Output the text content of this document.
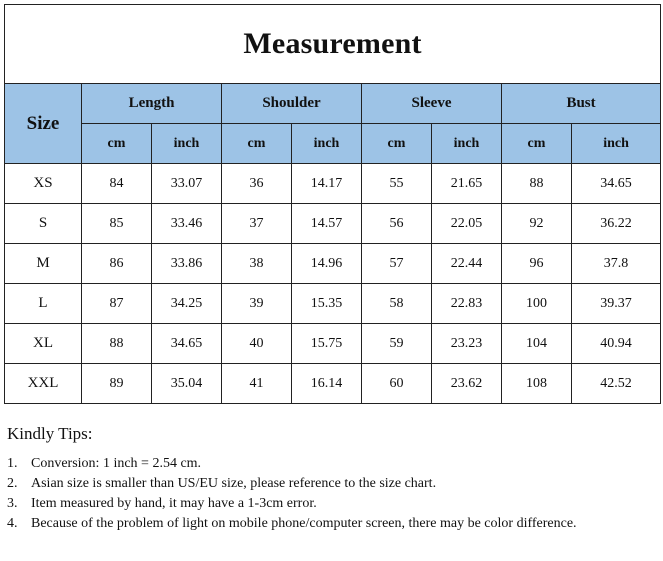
Measurement								
Size	Length		Shoulder		Sleeve		Bust	
	cm	inch	cm	inch	cm	inch	cm	inch
XS	84	33.07	36	14.17	55	21.65	88	34.65
S	85	33.46	37	14.57	56	22.05	92	36.22
M	86	33.86	38	14.96	57	22.44	96	37.8
L	87	34.25	39	15.35	58	22.83	100	39.37
XL	88	34.65	40	15.75	59	23.23	104	40.94
XXL	89	35.04	41	16.14	60	23.62	108	42.52

Kindly Tips:

1. Conversion: 1 inch = 2.54 cm.
2. Asian size is smaller than US/EU size, please reference to the size chart.
3. Item measured by hand, it may have a 1-3cm error.
4. Because of the problem of light on mobile phone/computer screen, there may be color difference.
